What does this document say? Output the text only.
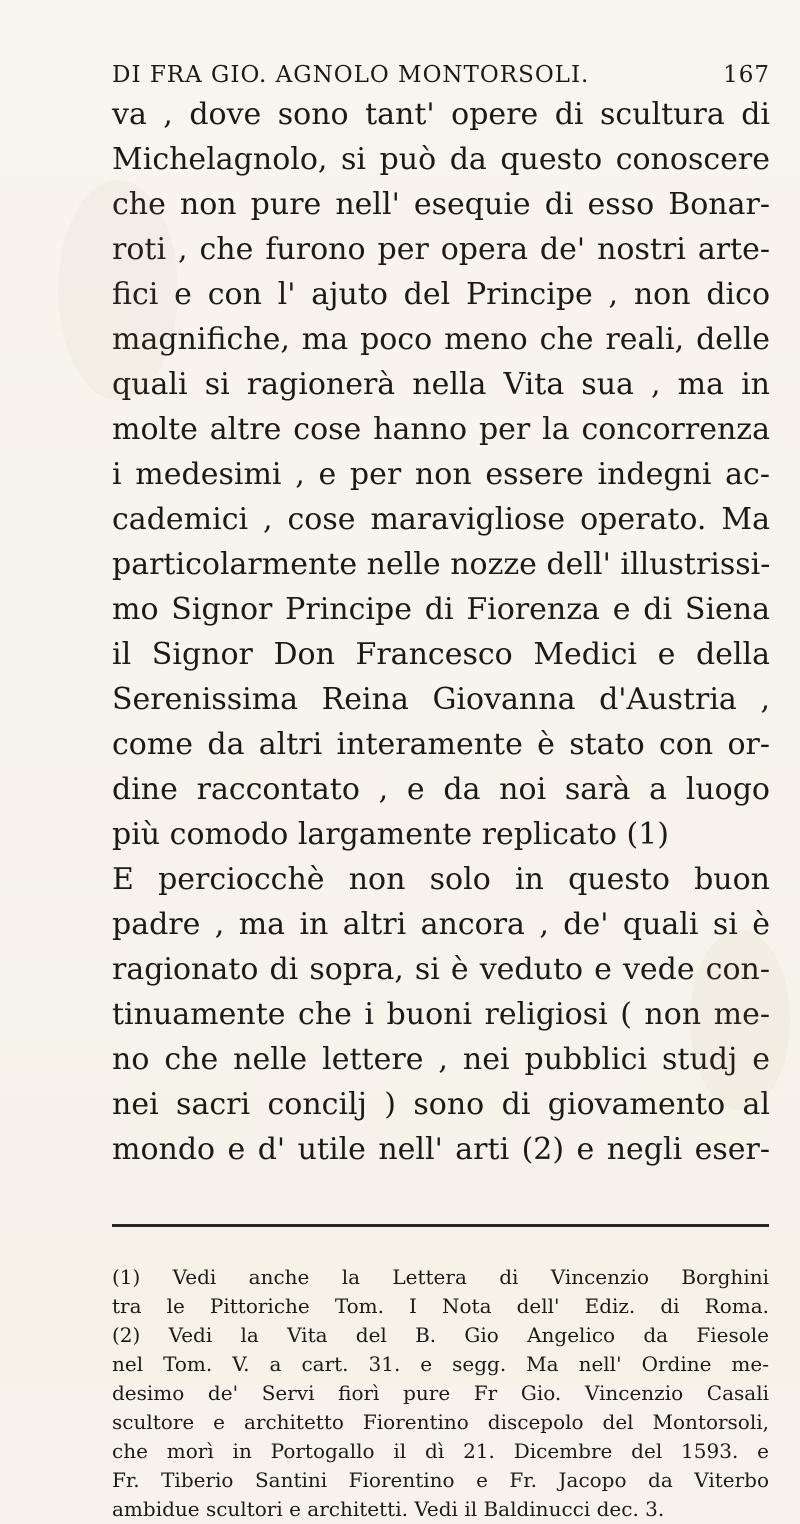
DI FRA GIO. AGNOLO MONTORSOLI.	167
va , dove sono tant' opere di scultura di
Michelagnolo, si può da questo conoscere
che non pure nell' esequie di esso Bonar-
roti , che furono per opera de' nostri arte-
fici e con l' ajuto del Principe , non dico
magnifiche, ma poco meno che reali, delle
quali si ragionerà nella Vita sua , ma in
molte altre cose hanno per la concorrenza
i medesimi , e per non essere indegni ac-
cademici , cose maravigliose operato. Ma
particolarmente nelle nozze dell' illustrissi-
mo Signor Principe di Fiorenza e di Siena
il Signor Don Francesco Medici e della
Serenissima Reina Giovanna d'Austria ,
come da altri interamente è stato con or-
dine raccontato , e da noi sarà a luogo
più comodo largamente replicato (1)
E perciocchè non solo in questo buon
padre , ma in altri ancora , de' quali si è
ragionato di sopra, si è veduto e vede con-
tinuamente che i buoni religiosi ( non me-
no che nelle lettere , nei pubblici studj e
nei sacri concilj ) sono di giovamento al
mondo e d' utile nell' arti (2) e negli eser-
(1) Vedi anche la Lettera di Vincenzio Borghini
tra le Pittoriche Tom. I Nota dell' Ediz. di Roma.
(2) Vedi la Vita del B. Gio Angelico da Fiesole
nel Tom. V. a cart. 31. e segg. Ma nell' Ordine me-
desimo de' Servi fiorì pure Fr Gio. Vincenzio Casali
scultore e architetto Fiorentino discepolo del Montorsoli,
che morì in Portogallo il dì 21. Dicembre del 1593. e
Fr. Tiberio Santini Fiorentino e Fr. Jacopo da Viterbo
ambidue scultori e architetti. Vedi il Baldinucci dec. 3.
